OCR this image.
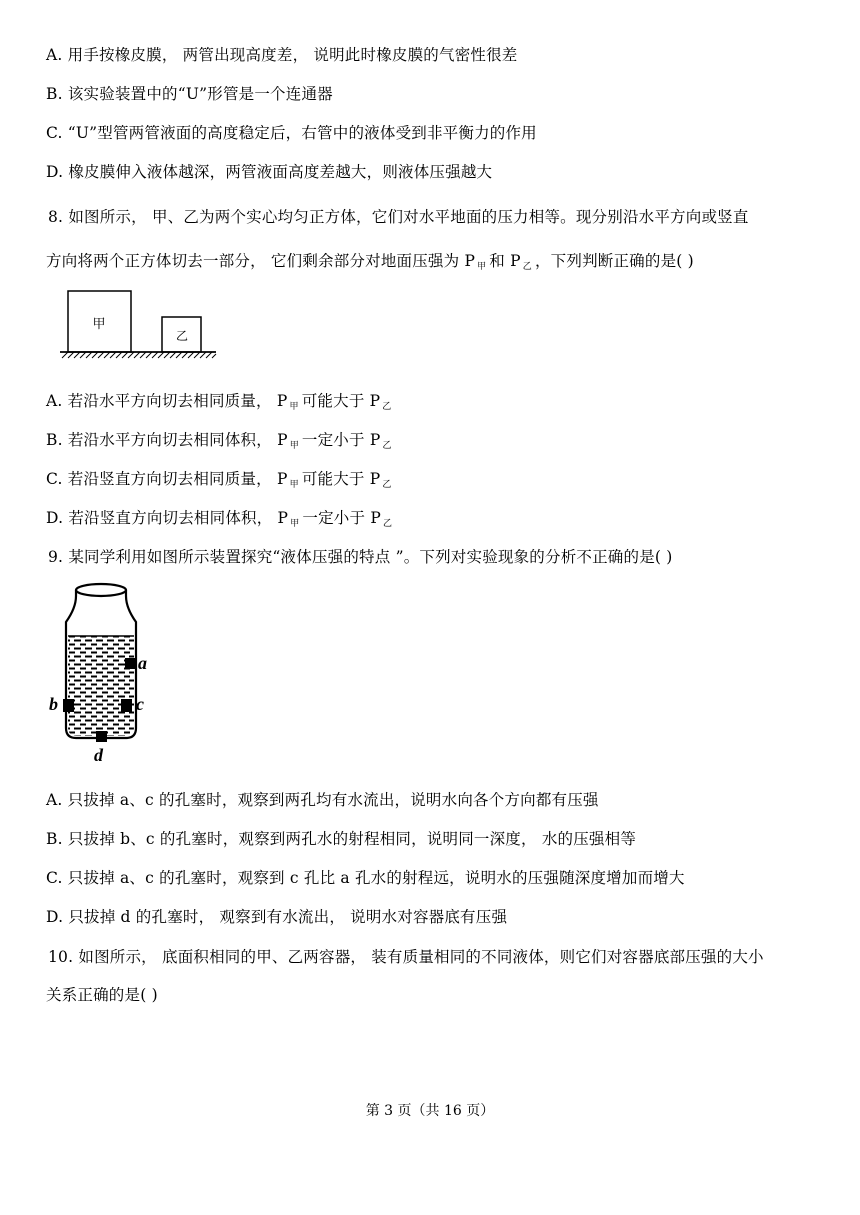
A. 用手按橡皮膜， 两管出现高度差， 说明此时橡皮膜的气密性很差
B. 该实验装置中的“U”形管是一个连通器
C. “U”型管两管液面的高度稳定后，右管中的液体受到非平衡力的作用
D. 橡皮膜伸入液体越深，两管液面高度差越大，则液体压强越大
8. 如图所示， 甲、乙为两个实心均匀正方体，它们对水平地面的压力相等。现分别沿水平方向或竖直
方向将两个正方体切去一部分， 它们剩余部分对地面压强为 P $_甲$ 和 P $_乙$ ，下列判断正确的是( )
甲
乙
A. 若沿水平方向切去相同质量， P $_甲$ 可能大于 P $_乙$
B. 若沿水平方向切去相同体积， P $_甲$ 一定小于 P $_乙$
C. 若沿竖直方向切去相同质量， P $_甲$ 可能大于 P $_乙$
D. 若沿竖直方向切去相同体积， P $_甲$ 一定小于 P $_乙$
9. 某同学利用如图所示装置探究“液体压强的特点 ”。下列对实验现象的分析不正确的是( )
a
b	c
d
A. 只拔掉 a、c 的孔塞时，观察到两孔均有水流出，说明水向各个方向都有压强
B. 只拔掉 b、c 的孔塞时，观察到两孔水的射程相同，说明同一深度， 水的压强相等
C. 只拔掉 a、c 的孔塞时，观察到 c 孔比 a 孔水的射程远，说明水的压强随深度增加而增大
D. 只拔掉 d 的孔塞时， 观察到有水流出， 说明水对容器底有压强
10. 如图所示， 底面积相同的甲、乙两容器， 装有质量相同的不同液体，则它们对容器底部压强的大小
关系正确的是( )
第 3 页（共 16 页）
